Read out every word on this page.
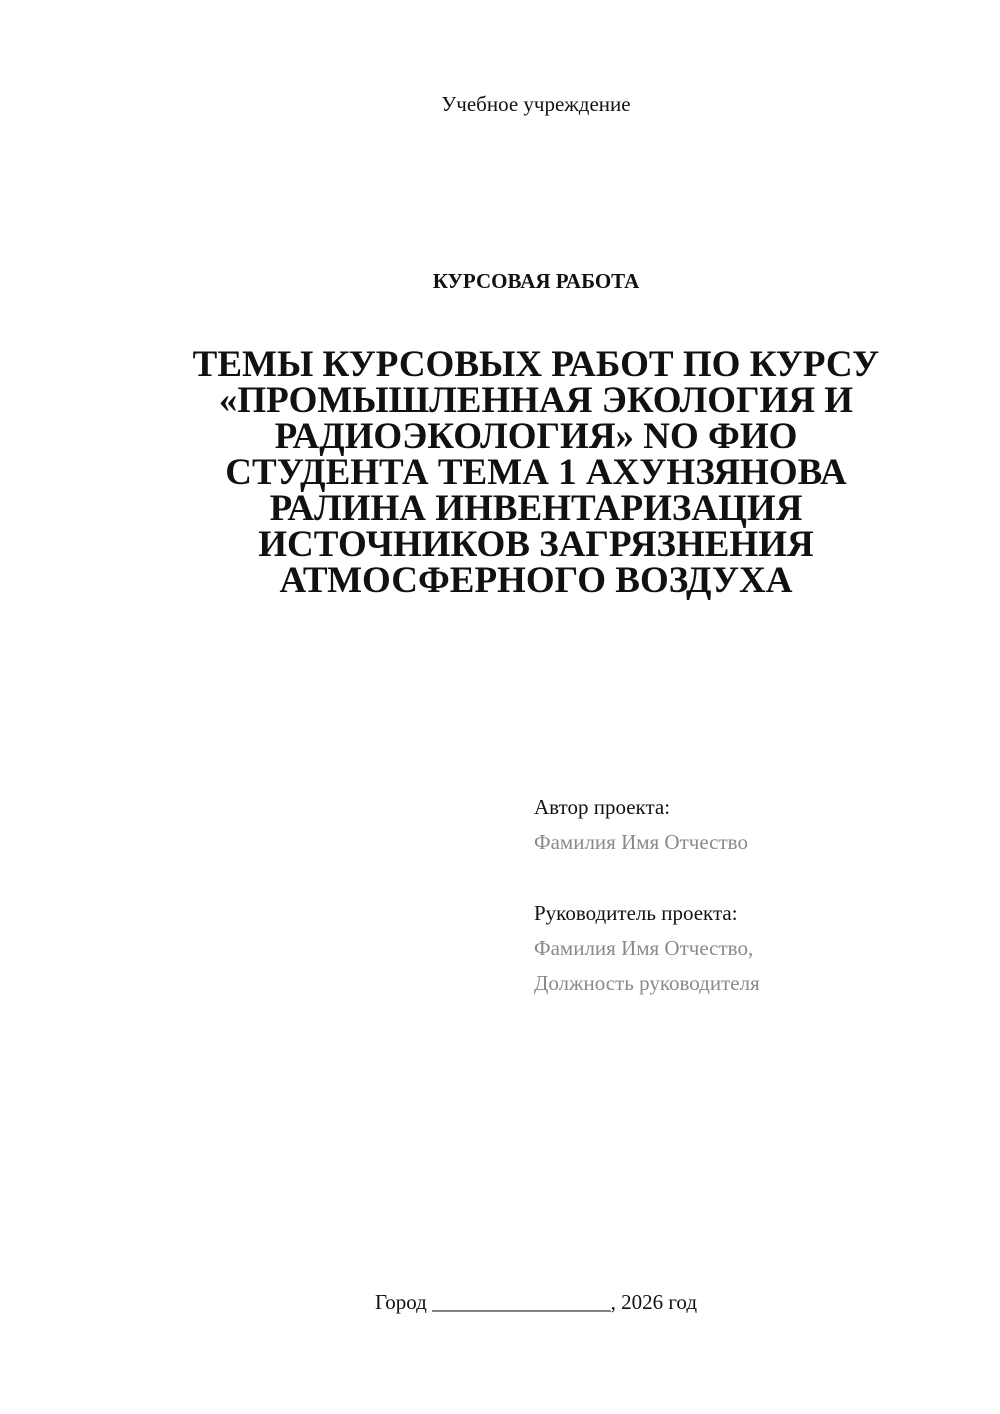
Учебное учреждение
КУРСОВАЯ РАБОТА
ТЕМЫ КУРСОВЫХ РАБОТ ПО КУРСУ «ПРОМЫШЛЕННАЯ ЭКОЛОГИЯ И РАДИОЭКОЛОГИЯ» NO ФИО СТУДЕНТА ТЕМА 1 АХУНЗЯНОВА РАЛИНА ИНВЕНТАРИЗАЦИЯ ИСТОЧНИКОВ ЗАГРЯЗНЕНИЯ АТМОСФЕРНОГО ВОЗДУХА
Автор проекта:
Фамилия Имя Отчество
Руководитель проекта:
Фамилия Имя Отчество,
Должность руководителя
Город _________________, 2026 год
